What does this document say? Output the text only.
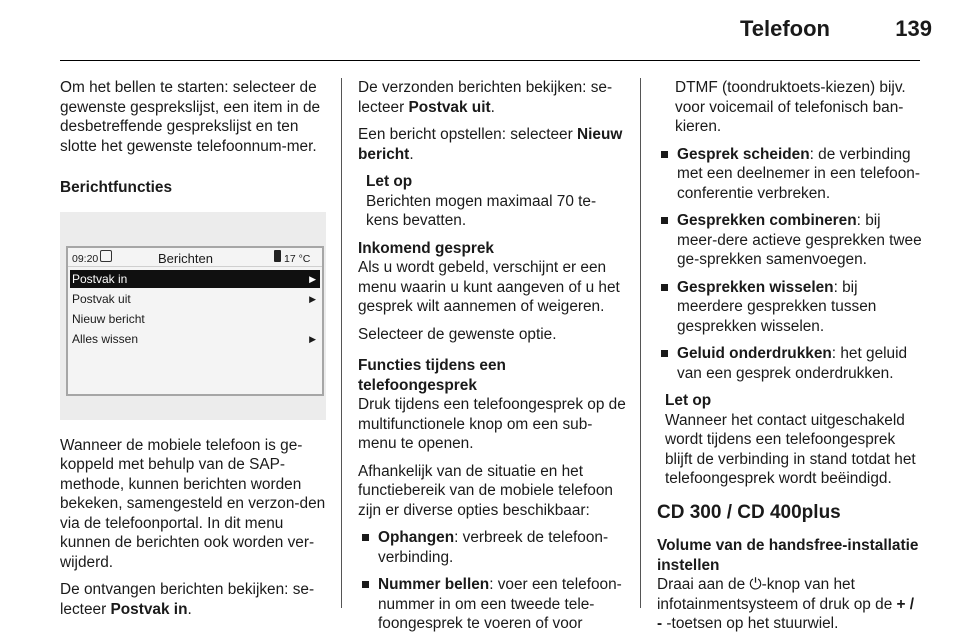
Telefoon	139

Om het bellen te starten: selecteer de gewenste gesprekslijst, een item in de desbetreffende gesprekslijst en ten slotte het gewenste telefoonnum-mer.

Berichtfuncties

09:20	Berichten	17 °C
Postvak in	▶
Postvak uit	▶
Nieuw bericht
Alles wissen	▶

Wanneer de mobiele telefoon is ge-koppeld met behulp van de SAP-methode, kunnen berichten worden bekeken, samengesteld en verzon-den via de telefoonportal. In dit menu kunnen de berichten ook worden ver-wijderd.

De ontvangen berichten bekijken: se-lecteer Postvak in.

De verzonden berichten bekijken: se-lecteer Postvak uit.

Een bericht opstellen: selecteer Nieuw bericht.

Let op
Berichten mogen maximaal 70 te-kens bevatten.

Inkomend gesprek

Als u wordt gebeld, verschijnt er een menu waarin u kunt aangeven of u het gesprek wilt aannemen of weigeren.

Selecteer de gewenste optie.

Functies tijdens een telefoongesprek

Druk tijdens een telefoongesprek op de multifunctionele knop om een sub-menu te openen.

Afhankelijk van de situatie en het functiebereik van de mobiele telefoon zijn er diverse opties beschikbaar:

Ophangen: verbreek de telefoon-verbinding.
Nummer bellen: voer een telefoon-nummer in om een tweede tele-foongesprek te voeren of voor

DTMF (toondruktoets-kiezen) bijv. voor voicemail of telefonisch ban-kieren.

Gesprek scheiden: de verbinding met een deelnemer in een telefoon-conferentie verbreken.
Gesprekken combineren: bij meer-dere actieve gesprekken twee ge-sprekken samenvoegen.
Gesprekken wisselen: bij meerdere gesprekken tussen gesprekken wisselen.
Geluid onderdrukken: het geluid van een gesprek onderdrukken.
Let op
Wanneer het contact uitgeschakeld wordt tijdens een telefoongesprek blijft de verbinding in stand totdat het telefoongesprek wordt beëindigd.
CD 300 / CD 400plus

Volume van de handsfree-installatie instellen

Draai aan de ⏻-knop van het infotainmentsysteem of druk op de + / - -toetsen op het stuurwiel.
